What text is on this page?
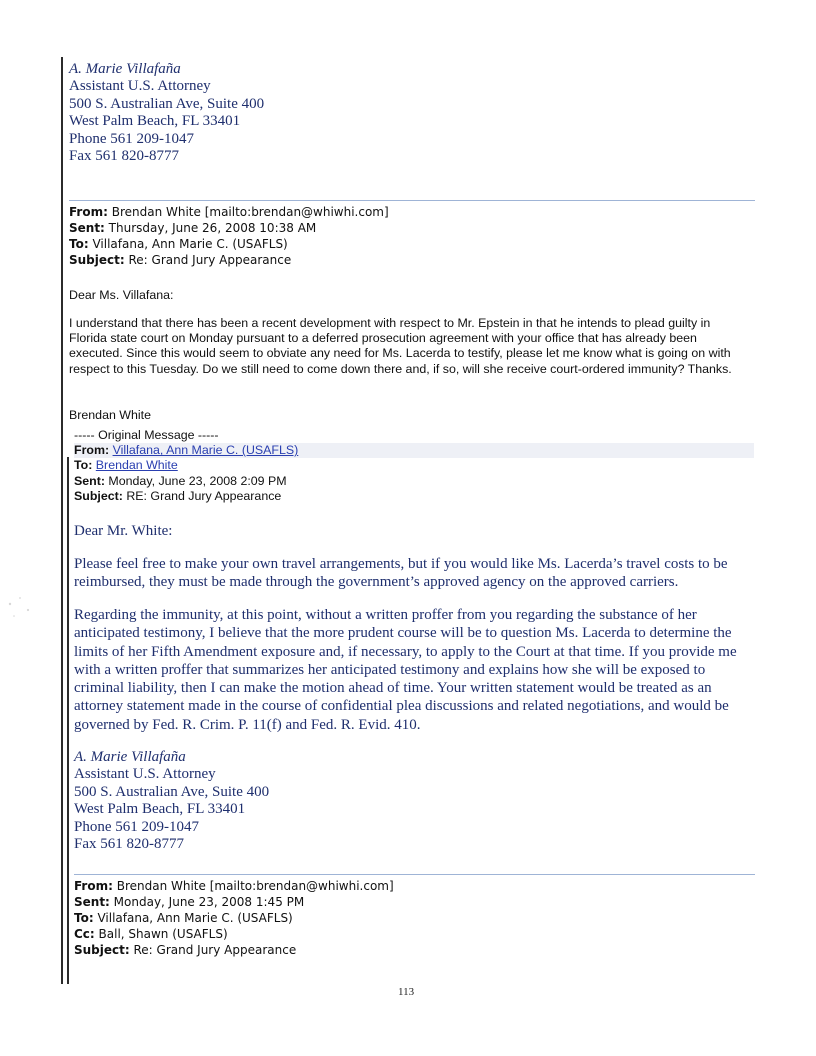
A. Marie Villafaña
Assistant U.S. Attorney
500 S. Australian Ave, Suite 400
West Palm Beach, FL 33401
Phone 561 209-1047
Fax 561 820-8777
From: Brendan White [mailto:brendan@whiwhi.com]
Sent: Thursday, June 26, 2008 10:38 AM
To: Villafana, Ann Marie C. (USAFLS)
Subject: Re: Grand Jury Appearance
Dear Ms. Villafana:
I understand that there has been a recent development with respect to Mr. Epstein in that he intends to plead guilty in Florida state court on Monday pursuant to a deferred prosecution agreement with your office that has already been executed. Since this would seem to obviate any need for Ms. Lacerda to testify, please let me know what is going on with respect to this Tuesday. Do we still need to come down there and, if so, will she receive court-ordered immunity? Thanks.
Brendan White
----- Original Message -----
From: Villafana, Ann Marie C. (USAFLS)
To: Brendan White
Sent: Monday, June 23, 2008 2:09 PM
Subject: RE: Grand Jury Appearance
Dear Mr. White:
Please feel free to make your own travel arrangements, but if you would like Ms. Lacerda’s travel costs to be reimbursed, they must be made through the government’s approved agency on the approved carriers.
Regarding the immunity, at this point, without a written proffer from you regarding the substance of her anticipated testimony, I believe that the more prudent course will be to question Ms. Lacerda to determine the limits of her Fifth Amendment exposure and, if necessary, to apply to the Court at that time. If you provide me with a written proffer that summarizes her anticipated testimony and explains how she will be exposed to criminal liability, then I can make the motion ahead of time. Your written statement would be treated as an attorney statement made in the course of confidential plea discussions and related negotiations, and would be governed by Fed. R. Crim. P. 11(f) and Fed. R. Evid. 410.
A. Marie Villafaña
Assistant U.S. Attorney
500 S. Australian Ave, Suite 400
West Palm Beach, FL 33401
Phone 561 209-1047
Fax 561 820-8777
From: Brendan White [mailto:brendan@whiwhi.com]
Sent: Monday, June 23, 2008 1:45 PM
To: Villafana, Ann Marie C. (USAFLS)
Cc: Ball, Shawn (USAFLS)
Subject: Re: Grand Jury Appearance
113
